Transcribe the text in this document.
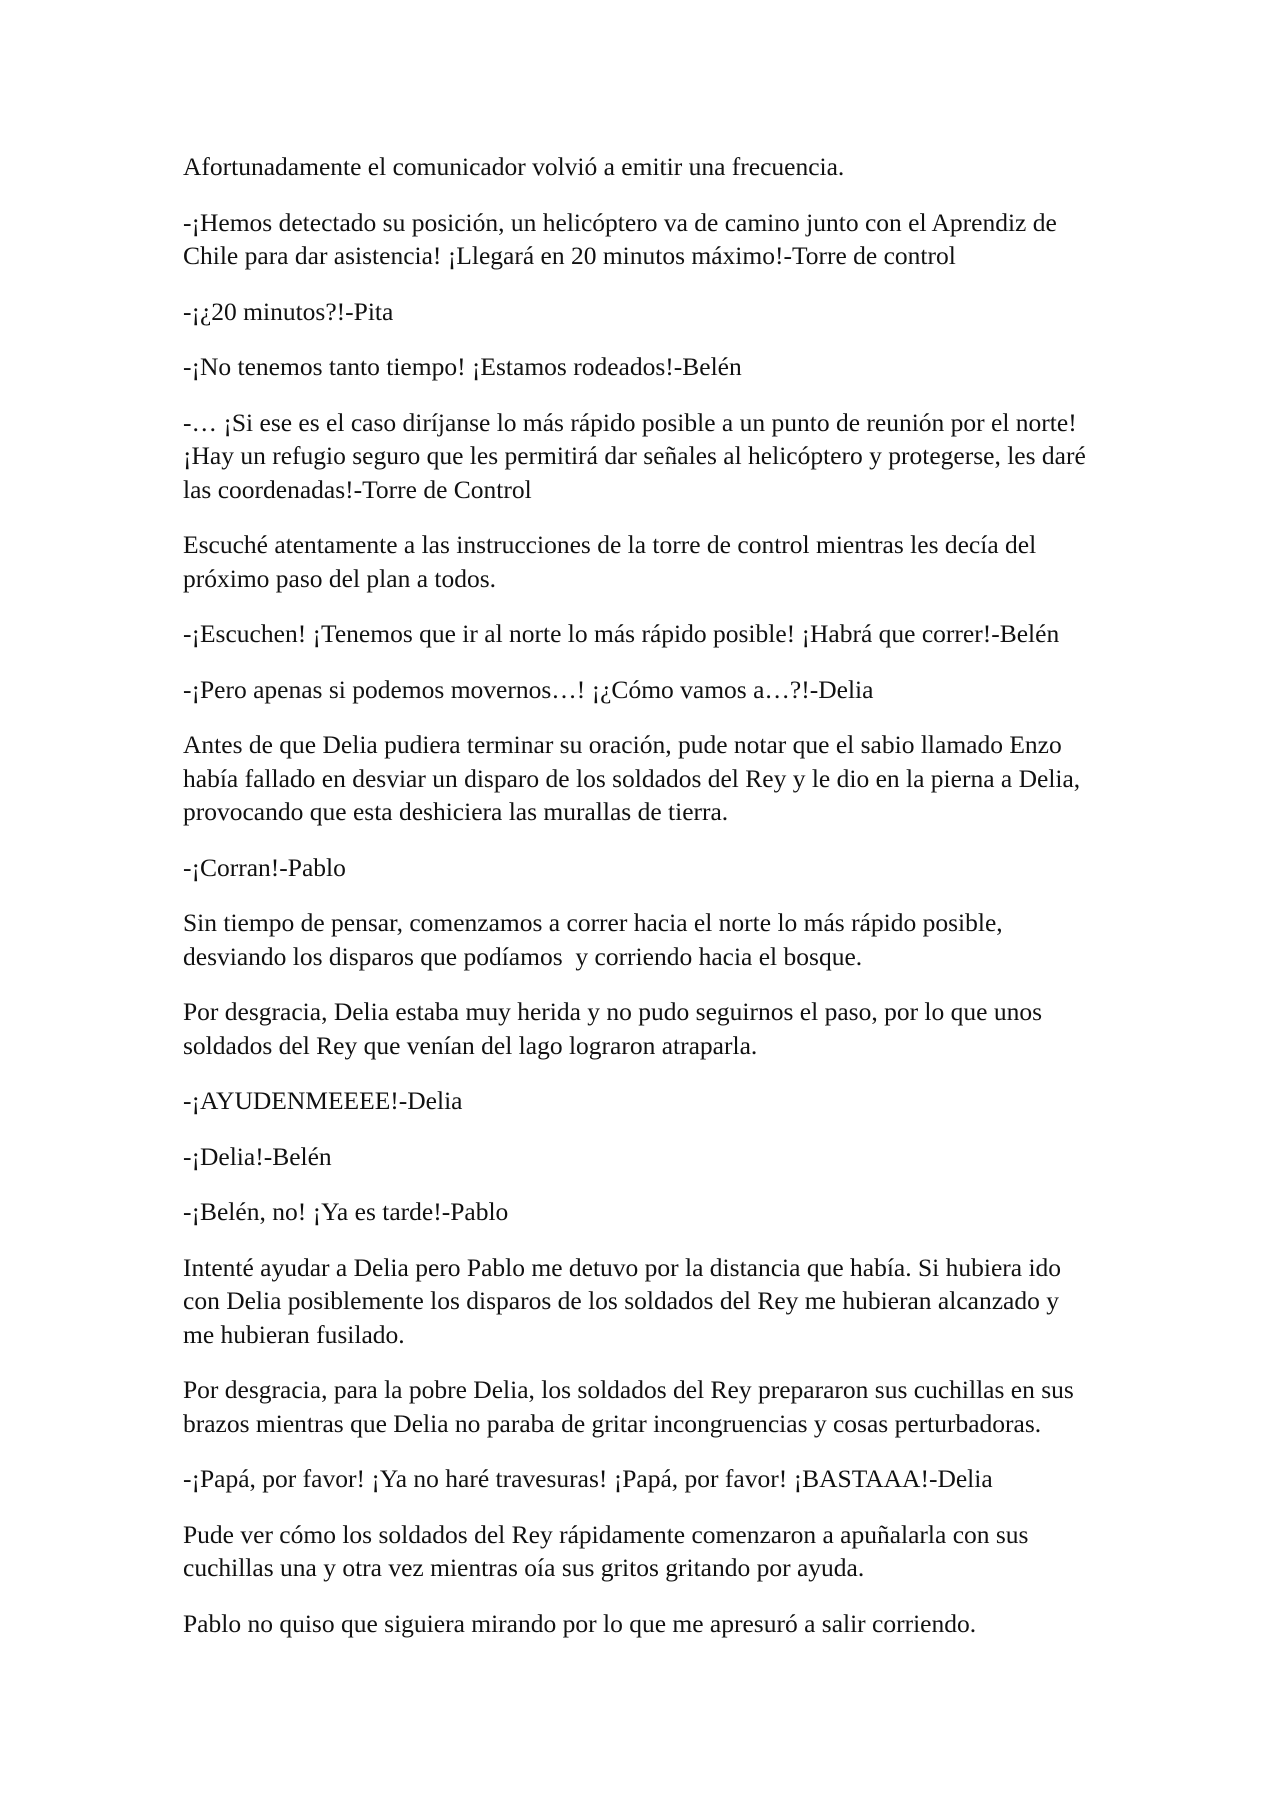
Afortunadamente el comunicador volvió a emitir una frecuencia.

-¡Hemos detectado su posición, un helicóptero va de camino junto con el Aprendiz de
Chile para dar asistencia! ¡Llegará en 20 minutos máximo!-Torre de control

-¡¿20 minutos?!-Pita

-¡No tenemos tanto tiempo! ¡Estamos rodeados!-Belén

-… ¡Si ese es el caso diríjanse lo más rápido posible a un punto de reunión por el norte!
¡Hay un refugio seguro que les permitirá dar señales al helicóptero y protegerse, les daré
las coordenadas!-Torre de Control

Escuché atentamente a las instrucciones de la torre de control mientras les decía del
próximo paso del plan a todos.

-¡Escuchen! ¡Tenemos que ir al norte lo más rápido posible! ¡Habrá que correr!-Belén

-¡Pero apenas si podemos movernos…! ¡¿Cómo vamos a…?!-Delia

Antes de que Delia pudiera terminar su oración, pude notar que el sabio llamado Enzo
había fallado en desviar un disparo de los soldados del Rey y le dio en la pierna a Delia,
provocando que esta deshiciera las murallas de tierra.

-¡Corran!-Pablo

Sin tiempo de pensar, comenzamos a correr hacia el norte lo más rápido posible,
desviando los disparos que podíamos  y corriendo hacia el bosque.

Por desgracia, Delia estaba muy herida y no pudo seguirnos el paso, por lo que unos
soldados del Rey que venían del lago lograron atraparla.

-¡AYUDENMEEEE!-Delia

-¡Delia!-Belén

-¡Belén, no! ¡Ya es tarde!-Pablo

Intenté ayudar a Delia pero Pablo me detuvo por la distancia que había. Si hubiera ido
con Delia posiblemente los disparos de los soldados del Rey me hubieran alcanzado y
me hubieran fusilado.

Por desgracia, para la pobre Delia, los soldados del Rey prepararon sus cuchillas en sus
brazos mientras que Delia no paraba de gritar incongruencias y cosas perturbadoras.

-¡Papá, por favor! ¡Ya no haré travesuras! ¡Papá, por favor! ¡BASTAAA!-Delia

Pude ver cómo los soldados del Rey rápidamente comenzaron a apuñalarla con sus
cuchillas una y otra vez mientras oía sus gritos gritando por ayuda.

Pablo no quiso que siguiera mirando por lo que me apresuró a salir corriendo.
